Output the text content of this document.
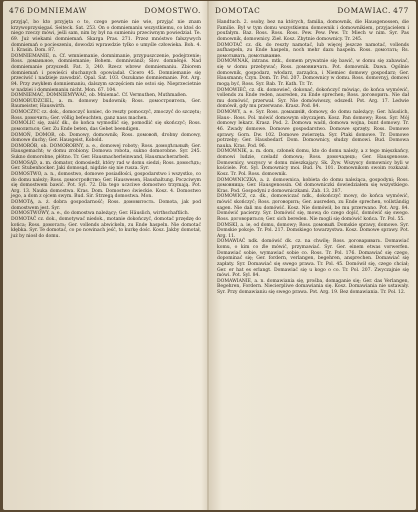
476 DOMNIEMAW	DOMOSTWO.

przyjąć, bo kto przyjęta o to, czego pewnie nie wie, przyjąć nie znam krzywoprzysięgaś. Seiteck. Sat. 253. On o domniemaniu wszystkiemu, co ktoś do niego rzeczy mówi, jeśli sam, nim by był na sumieniu przeciwnym powiedział. Te. 69. Już wiekami domniemań. Skarga Pras. 271. Przez mnóstwo fałszywych domniemań o pocieszeniu, dowodzi wprawdzie tylko o umyśle człowieka. Boh. 4. 1. Krasin. Dom. 87.

DOMNIEMANIE, n. Cf. wmniemanie, domnimanie, przypuszczenie, podejrzenie; Ross. доманьное, domniemanie; Bohem. domniwániž; Slov. domněnjé. Nad domniemanie przyszedł. Fat. 3, 240. Rzecz wbrew domniemaniu. Zbiorem domniemań i powieści słuchanych opowiadał. Cicero 45. Domniemanie się przeciwić i nadzieje zawodzić. Opal. Sat. 103. Oszukane domniemanie. Pot. Arg. 84. Przy zwykłem domniemaniu, dalszym szczęściem nie ostoi się. Nieprzecietnie w nadziei i domniemaniu nicht. Mon. 67. 104.

DOMNIEMAĆ, DOMNIEMYWAĆ, ob. Mniemać. Cf. Vermuthen, Muthmaßen.

DOMOBUDZCIEL, a. m. domowy budownik; Ross. домостроитель, Ger. Baumeister, Hauswirth.

DOMOCZYC cz. dok., domoczyć koniec, do reszty pomoczyć, zmoczyć do szczętu; Ross. домочить; Ger. völlig befeuchten, ganz nass machen.

DOMOLIC się, zaiść dk., do końca wymodlić się, pomodlić się skończyć; Ross. домолиться; Ger. Zu Ende beten, das Gebet beendigen.

DOMOŃ, DOMOR, ob. Domowy, domownik; Ross. домовой, drobny domowy, domowe duchy; Ger. Hausgeist, Kobold.

DOMORÓB, ob. DOMOROBNY, a. e., domowej roboty; Ross. домодѣльный; Ger. Hausgemacht; w domu zrobiony. Domowa robota, sukno domorobne. Syr. 245. Sukno domorobne, płótno. Tr. Ger. Hausmacherleinwand, Hausmacherarbeit.

DOMOSĄD, a. m. domator, domosiedź, który rad w domu siedzi; Ross. домосѣдъ; Ger. Stubenhocker. Jaki domosąd, nigdzie się nie rusza. Syr.

DOMOSTWO, a. n., domostwo, domowe posiadłości, gospodarstwo i wszystko, co do domu należy; Ross. домостройство; Ger. Hauswesen, Haushaltung. Poczciwym się domostwem bawić. Pot. Syl. 72. Dla tego uczciwe domostwo trzymają. Pot. Arg. 13. Nauka domostwa. Kras. Dom. Domostwo świeckie. Kosz. 4. Domostwo jego, a dom z ojcem swym. Bud. Sir. Strzegą domostwa. Mon.

DOMOTĄ, a. ż. dobra gospodarność; Ross. домовитость. Domota, jak pod domostwem jest. Syr.

DOMOSTWOWY, a. e., do domostwa należący; Ger. Häuslich, wirthschaftlich.

DOMOTAĆ cz. dok., domotywać niedok., motanie dokończyć, domotać przędzę do końca; Ross. домотать; Ger. vollends abwickeln, zu Ende haspeln. Nie domotać kłębka. Syr. Te domotać, co po nowinach jeść, to kurkę dośc. Kosz. Jakby domotał, już by niosł do domu.

DOMOTAC	DOMAWIAC. 477

Handtuch. 2. osoby, bez na których, familia, domownik, die Hausgenossen, die Familie. Był w tym domu wszystkiemu domownik i domownikiem, przyjacielem i poufałym. Baz. Ross. Ross. Ross. Pew. Pew. Pew. Tr. Miech w nim. Syr. Pas domownik, domownicy. Zieł. Kosz. Zbytnie domownicy. Tr. 245.

DOMOTAĆ cz. dk. do reszty namotać, lub więcej jeszcze namotać, vollends aufhaspeln, zu Ende haspeln, noch mehr dazu haspeln. Ross. домотать; Rs. домотывать, домотывание.

DOMOWNAK, intrans. mtk., domem prywatnie się bawić, w domu się zabawiać, się w domu przebywać; Ross. домовничать. Pot. domownik. Dawa. Ogólnie domownik, gospodarz, włodarz, zarządca, i Niemiec domowy gospodarz; Ger. Hausmann; Czyn. Dom. Tr. Pol. 207. Domownicy w domu. Ross. domovnyj, domowi mogą być, Ross. Syr. Bab. Tr. Kath. Tr. Tr.

DOMOWIEĆ, cz. dk. domowieć, dokonać, dokończyć mówiąc, do końca wymówić, vollends zu Ende reden, ausreden, zu Ende sprechen; Ross. договорить. Nie dał mu domówić, przerwał. Syr. Nie domówiwszy, odszedł. Pot. Arg. 17. Ledwie domówił, gdy mu przerwano. Krasz. Pod. 84.

DOMOWY, a. e. Syr. Ross. домашній, domowy, do domu należący; Ger. häuslich, Haus-. Ross. Pol. mówić domowym obyczajem. Kosz. Pan domowy; Ross. Syr. Mój domowy lekarz. Krasz. Pod. 2. Domowa waśń, domowa wojna, bunt domowy. Tr. 46. Zwady domowe. Domowe gospodarstwo. Domowe sprzęty. Ross. Domowe sprawy. Gorn. Dw. 102. Domowe zwierzęta. Syr. Ptaki domowe. Tr. Domowe potrzeby; Ger. Hausbedarf. Dom. Domownicy, słudzy domowi. Bud. Domowa nauka. Kras. Pod. 96.

DOMOWNIK, a. m. dom, członek domu, kto do domu należy, a z tego mięszkańcy, domowi ludzie, czeladź domowa; Ross. домочадецъ; Ger. Hausgenosse. Domownicy, wszyscy w domu mieszkający. Sk. Żyw. Wszyscy domownicy byli w kościele. Pot. Syl. Domownicy moi. Bud. Ps. 101. Domownikom swoim rozkazał. Kosz. Tr. Pol. Ross. domownik.

DOMOWNICZKA, a. ż. domownica, kobieta do domu należąca, gospodyni; Ross. домовница; Ger. Hausgenossin. Od domowniczki dowiedziałem się wszystkiego. Kras. Pod. Gospodyni z domowniczkami. Zab. 13. 287.

DOMOWICZ, cz. dk., domowiczać ndk., dokończyć mowy, do końca wymówić, mówić skończyć; Ross. договорить; Ger. ausreden, zu Ende sprechen, vollständig sagen. Nie dali mu domówić. Kosz. Nie domówił, bo mu przerwano. Pot. Arg. 84. Domówić pacierzy. Syr. Domówić się, mową do czego dojść, domówić się swego. Ross. договориться; Ger. sich bereden. Nie mogli się domówić końca. Tr. Pol. 55.

DOMSKI, a. ie, od domu, domowy; Ross. домовый. Domskie sprawy, domowe. Syr. Domskie pokoje. Tr. Pol. 217. Domskiego towarzystwa. Kosz. Domowe sprawy. Pot. Arg. 11.

DOMAWIAĆ ndk. domówić dk. cz. na chwilę; Ross. договаривать. Domawiać komu, o kim co źle mówić, przymawiać. Syr. Ger. einem etwas vorwerfen. Domawiać sobie, wymawiać sobie co. Ross. Tr. Pol. 176. Domawiać się czego, dopominać się; Ger. fordern, verlangen, begehren, ansprechen. Domawiać się zapłaty. Syr. Domawiać się swego prawa. Tr. Pol. 45. Domówił się, czego chciał; Ger. er hat es erlangt. Domawiać się u kogo o co. Tr. Pol. 207. Zwyczajnie się mówi. Pot. Syl. 84.

DOMAWIANIE, a. n. domawiania się, prośba, domaganie się; Ger. das Verlangen, Begehren, Fordern. Niecierpliwe domawiania się. Kosz. Domawiania nie ustawały. Syr. Przy domawianiu się swego prawa. Pot. Arg. 19. Bez domawiania. Tr. Pol. 12.
